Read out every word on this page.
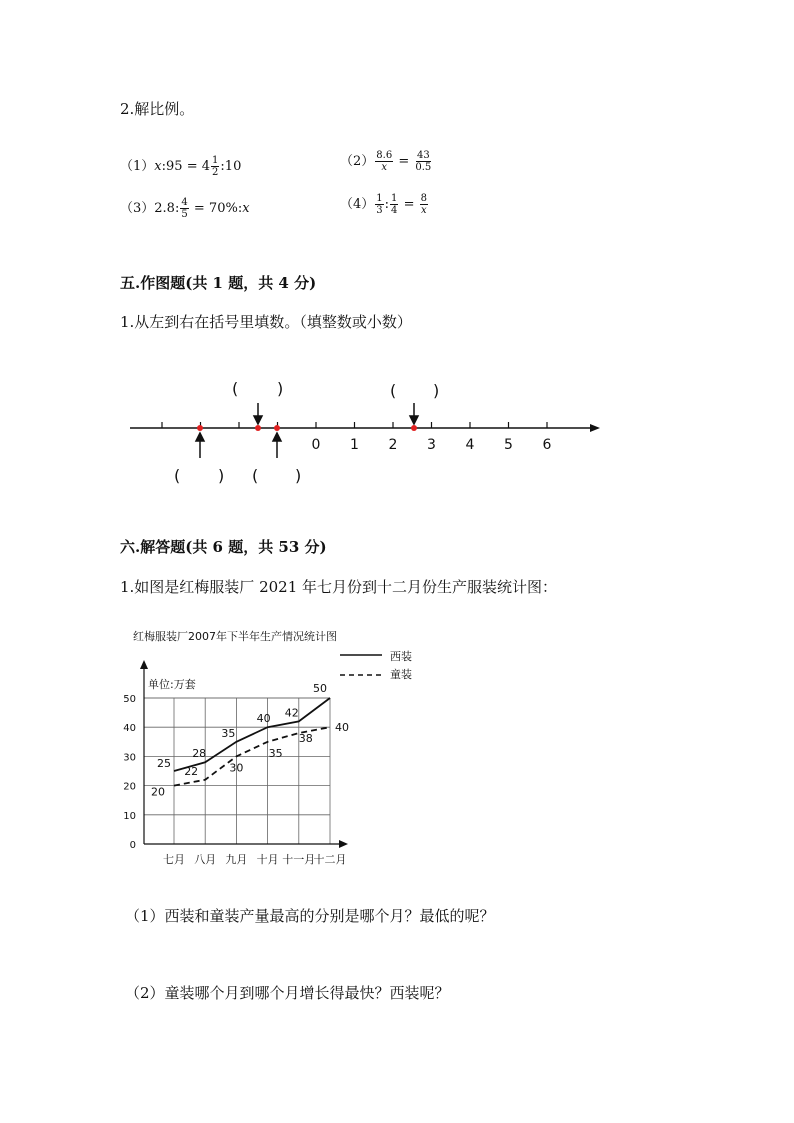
2.解比例。
（1）x:95 = $4 \frac{1}{2}$ :10	$(2) \frac{8.6}{x} = \frac{43}{0.5}$
（3）2.8: $\frac{4}{5}$ = 70%:x	$(4) \frac{1}{3}$ : $\frac{1}{4} = \frac{8}{x}$
五.作图题(共 1 题，共 4 分)
1.从左到右在括号里填数。（填整数或小数）
0 1 2 3 4 5 6
( )	( )
( ) ( )
六.解答题(共 6 题，共 53 分)
1.如图是红梅服装厂 2021 年七月份到十二月份生产服装统计图：
红梅服装厂2007年下半年生产情况统计图
西装
童装
单位:万套
0
10
20
30
40
50
七月 八月 九月 十月 十一月
十二月
25
28
35
40 42
50
20
22	30
35
38
40
（1）西装和童装产量最高的分别是哪个月？最低的呢？
（2）童装哪个月到哪个月增长得最快？西装呢？
